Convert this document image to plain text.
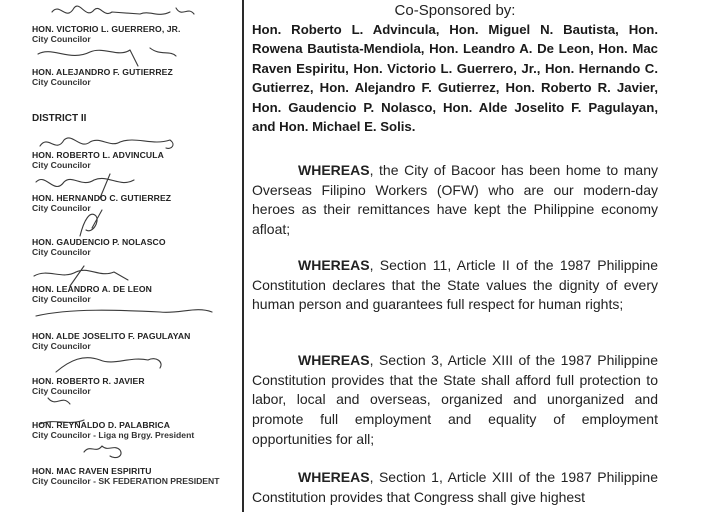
HON. VICTORIO L. GUERRERO, JR.
City Councilor
HON. ALEJANDRO F. GUTIERREZ
City Councilor
DISTRICT II
HON. ROBERTO L. ADVINCULA
City Councilor
HON. HERNANDO C. GUTIERREZ
City Councilor
HON. GAUDENCIO P. NOLASCO
City Councilor
HON. LEANDRO A. DE LEON
City Councilor
HON. ALDE JOSELITO F. PAGULAYAN
City Councilor
HON. ROBERTO R. JAVIER
City Councilor
HON. REYNALDO D. PALABRICA
City Councilor - Liga ng Brgy. President
HON. MAC RAVEN ESPIRITU
City Councilor - SK FEDERATION PRESIDENT
Co-Sponsored by:
Hon. Roberto L. Advincula, Hon. Miguel N. Bautista, Hon. Rowena Bautista-Mendiola, Hon. Leandro A. De Leon, Hon. Mac Raven Espiritu, Hon. Victorio L. Guerrero, Jr., Hon. Hernando C. Gutierrez, Hon. Alejandro F. Gutierrez, Hon. Roberto R. Javier, Hon. Gaudencio P. Nolasco, Hon. Alde Joselito F. Pagulayan, and Hon. Michael E. Solis.
WHEREAS, the City of Bacoor has been home to many Overseas Filipino Workers (OFW) who are our modern-day heroes as their remittances have kept the Philippine economy afloat;
WHEREAS, Section 11, Article II of the 1987 Philippine Constitution declares that the State values the dignity of every human person and guarantees full respect for human rights;
WHEREAS, Section 3, Article XIII of the 1987 Philippine Constitution provides that the State shall afford full protection to labor, local and overseas, organized and unorganized and promote full employment and equality of employment opportunities for all;
WHEREAS, Section 1, Article XIII of the 1987 Philippine Constitution provides that Congress shall give highest
